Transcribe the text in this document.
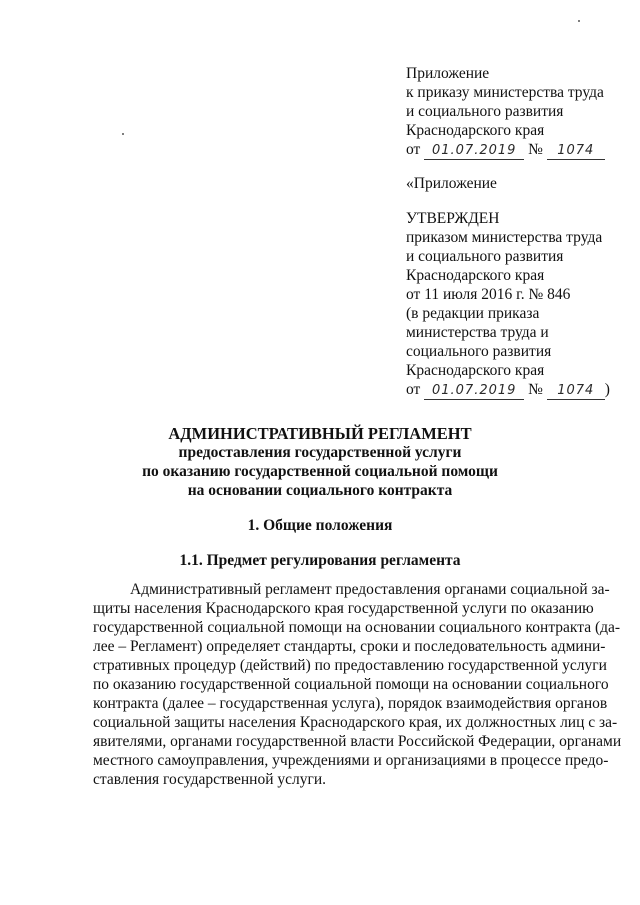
Приложение
к приказу министерства труда
и социального развития
Краснодарского края
от 01.07.2019 № 1074
«Приложение
УТВЕРЖДЕН
приказом министерства труда
и социального развития
Краснодарского края
от 11 июля 2016 г. № 846
(в редакции приказа
министерства труда и
социального развития
Краснодарского края
от 01.07.2019 № 1074 )
АДМИНИСТРАТИВНЫЙ РЕГЛАМЕНТ
предоставления государственной услуги
по оказанию государственной социальной помощи
на основании социального контракта
1. Общие положения
1.1. Предмет регулирования регламента
Административный регламент предоставления органами социальной за-
щиты населения Краснодарского края государственной услуги по оказанию
государственной социальной помощи на основании социального контракта (да-
лее – Регламент) определяет стандарты, сроки и последовательность админи-
стративных процедур (действий) по предоставлению государственной услуги
по оказанию государственной социальной помощи на основании социального
контракта (далее – государственная услуга), порядок взаимодействия органов
социальной защиты населения Краснодарского края, их должностных лиц с за-
явителями, органами государственной власти Российской Федерации, органами
местного самоуправления, учреждениями и организациями в процессе предо-
ставления государственной услуги.
